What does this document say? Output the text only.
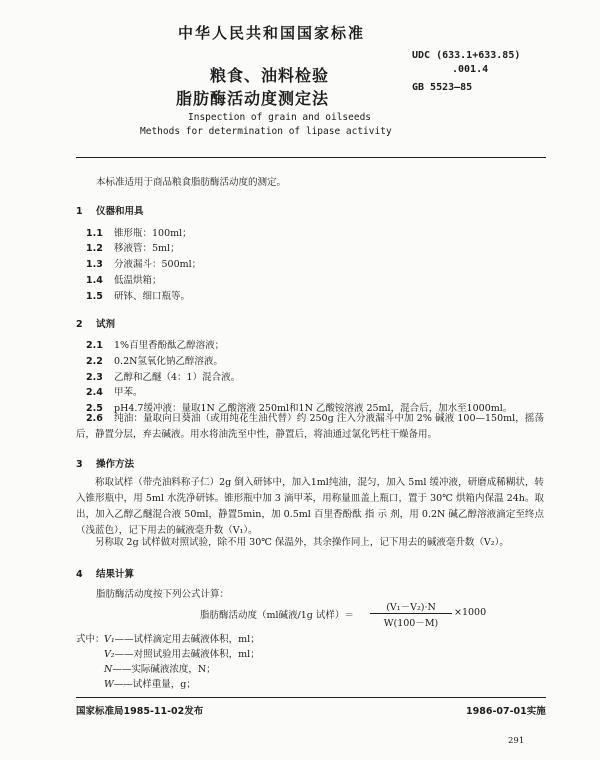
中华人民共和国国家标准
UDC (633.1+633.85)
.001.4
GB 5523—85
粮食、油料检验
脂肪酶活动度测定法
Inspection of grain and oilseeds
Methods for determination of lipase activity
本标准适用于商品粮食脂肪酶活动度的测定。
1 仪器和用具
1.1 锥形瓶：100ml；
1.2 移液管：5ml；
1.3 分液漏斗：500ml；
1.4 低温烘箱；
1.5 研钵、细口瓶等。
2 试剂
2.1 1%百里香酚酞乙醇溶液；
2.2 0.2N氢氧化钠乙醇溶液。
2.3 乙醇和乙醚（4：1）混合液。
2.4 甲苯。
2.5 pH4.7缓冲液：量取1N 乙酸溶液 250ml和1N 乙酸铵溶液 25ml，混合后，加水至1000ml。
2.6 纯油：量取向日葵油（或用纯花生油代替）约 250g 注入分液漏斗中加 2% 碱液 100—150ml，摇荡后，静置分层，弃去碱液。用水将油洗至中性，静置后，将油通过氯化钙柱干燥备用。
3 操作方法
称取试样（带壳油料称子仁）2g 倒入研钵中，加入1ml纯油，混匀，加入 5ml 缓冲液，研磨成稀糊状，转入锥形瓶中，用 5ml 水洗净研钵。锥形瓶中加 3 滴甲苯，用称量皿盖上瓶口，置于 30℃ 烘箱内保温 24h。取出，加入乙醇乙醚混合液 50ml，静置5min，加 0.5ml 百里香酚酞 指 示 剂，用 0.2N 碱乙醇溶液滴定至终点（浅蓝色），记下用去的碱液毫升数（V₁）。
另称取 2g 试样做对照试验，除不用 30℃ 保温外，其余操作同上，记下用去的碱液毫升数（V₂）。
4 结果计算
脂肪酶活动度按下列公式计算：
脂肪酶活动度（ml碱液/1g 试样）＝
(V₁－V₂)·N
W(100－M)
×1000
式中： V₁——试样滴定用去碱液体积，ml；
V₂——对照试验用去碱液体积，ml；
N——实际碱液浓度，N；
W——试样重量，g；
国家标准局1985-11-02发布	1986-07-01实施
291
